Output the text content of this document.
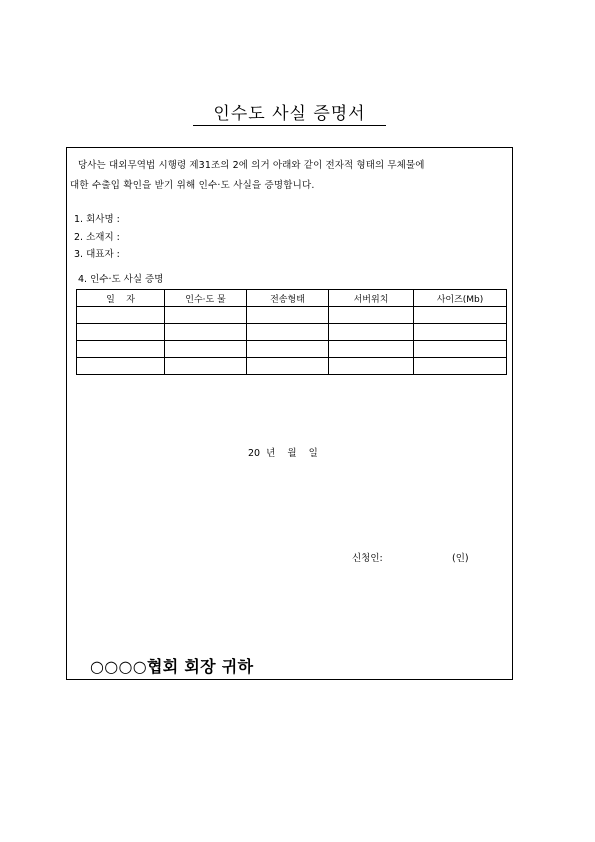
인수도 사실 증명서
당사는 대외무역법 시행령 제31조의 2에 의거 아래와 같이 전자적 형태의 무체물에
대한 수출입 확인을 받기 위해 인수·도 사실을 증명합니다.
1. 회사명 :
2. 소재지 :
3. 대표자 :
4. 인수·도 사실 증명
일    자	인수·도 물	전송형태	서버위치	사이즈(Mb)

20  년    월    일
신청인:	(인)
○○○○협회 회장 귀하
